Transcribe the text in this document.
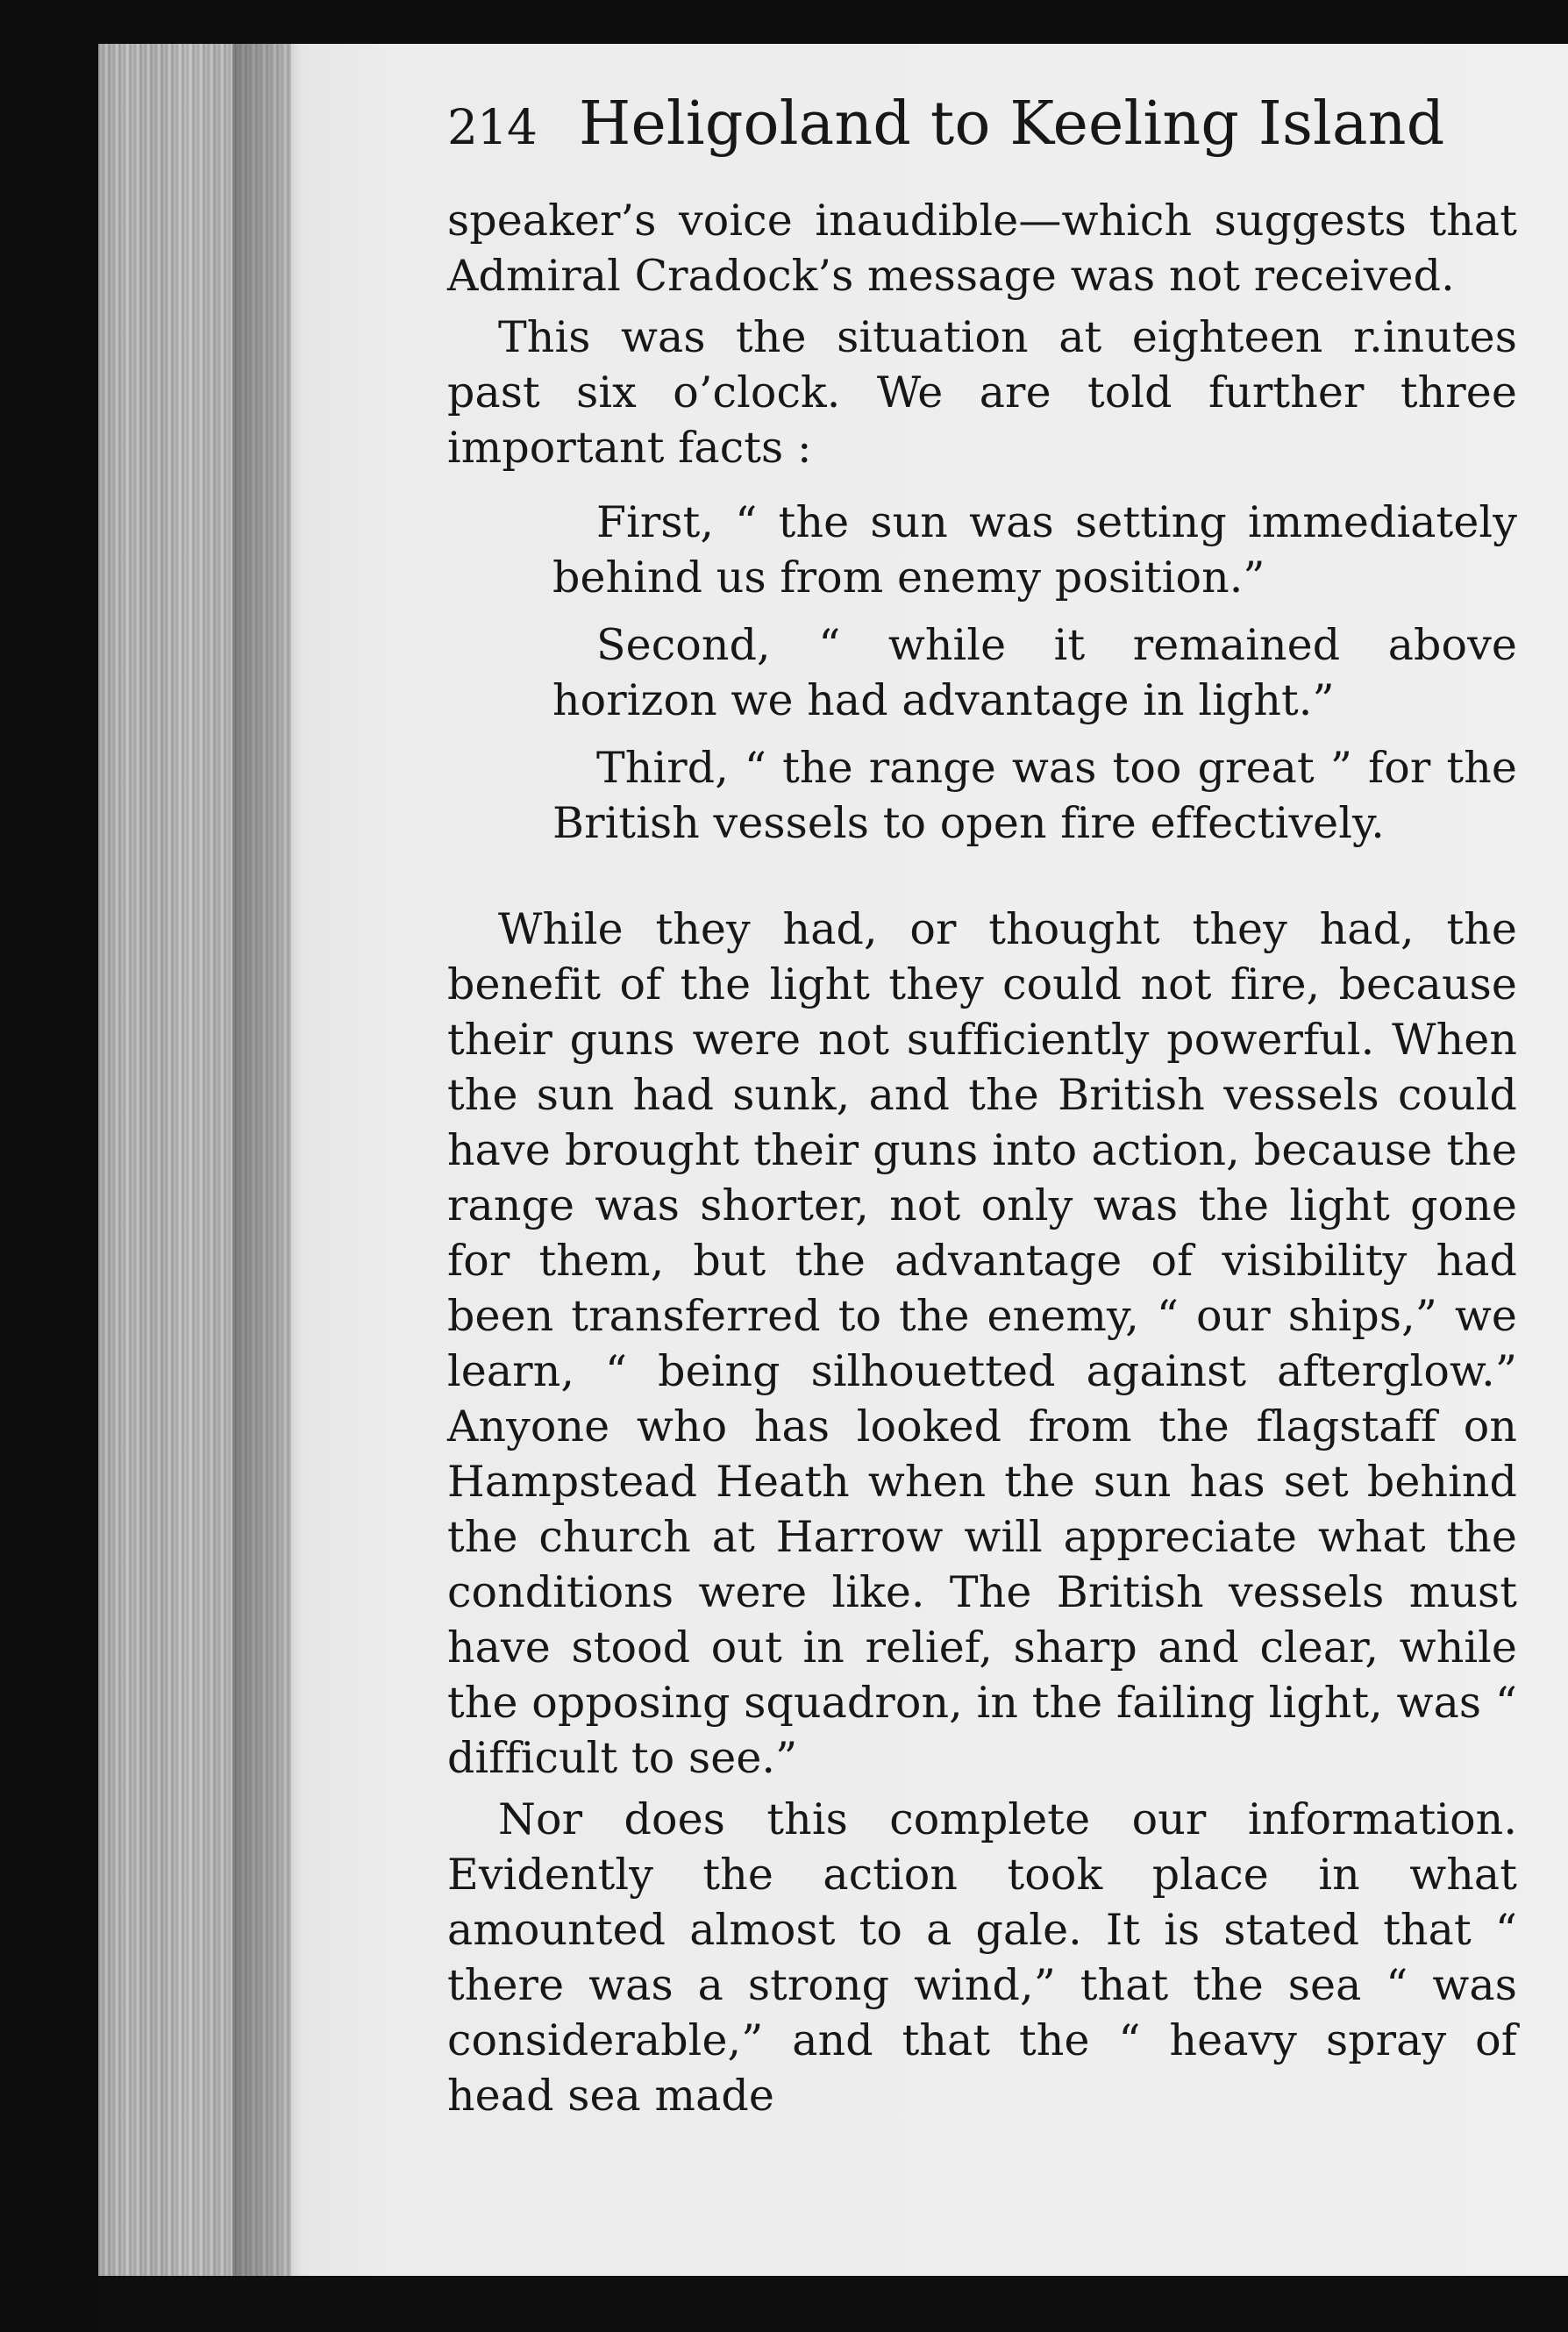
214 Heligoland to Keeling Island

speaker’s voice inaudible—which suggests that Admiral Cradock’s message was not received.

This was the situation at eighteen r.inutes past six o’clock. We are told further three important facts :

First, “ the sun was setting immediately behind us from enemy position.”

Second, “ while it remained above horizon we had advantage in light.”

Third, “ the range was too great ” for the British vessels to open fire effectively.

While they had, or thought they had, the benefit of the light they could not fire, because their guns were not sufficiently powerful. When the sun had sunk, and the British vessels could have brought their guns into action, because the range was shorter, not only was the light gone for them, but the advantage of visibility had been transferred to the enemy, “ our ships,” we learn, “ being silhouetted against afterglow.” Anyone who has looked from the flagstaff on Hampstead Heath when the sun has set behind the church at Harrow will appreciate what the conditions were like. The British vessels must have stood out in relief, sharp and clear, while the opposing squadron, in the failing light, was “ difficult to see.”

Nor does this complete our information. Evidently the action took place in what amounted almost to a gale. It is stated that “ there was a strong wind,” that the sea “ was considerable,” and that the “ heavy spray of head sea made
